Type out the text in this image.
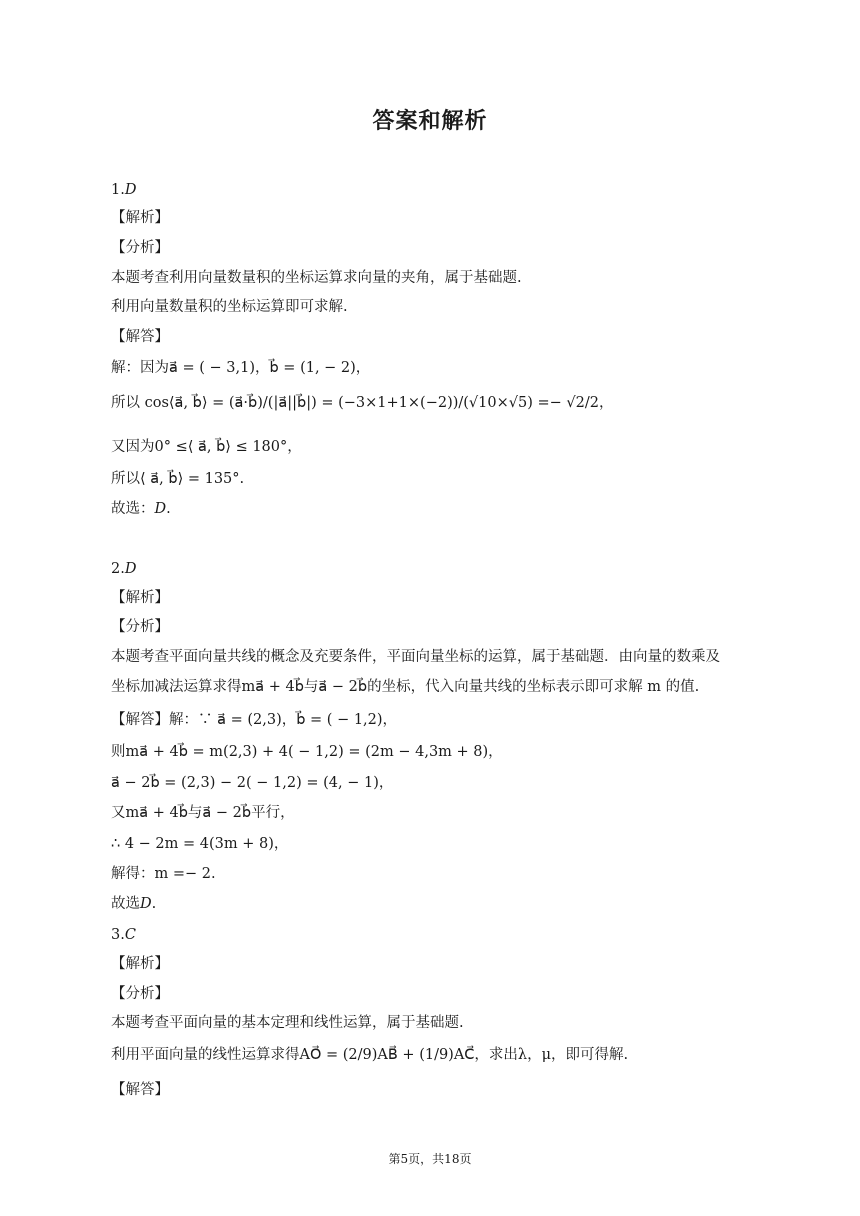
答案和解析
1.D
【解析】
【分析】
本题考查利用向量数量积的坐标运算求向量的夹角，属于基础题.
利用向量数量积的坐标运算即可求解.
【解答】
解：因为a⃗ = ( − 3,1)，b⃗ = (1, − 2)，
所以 cos⟨a⃗, b⃗⟩ = (a⃗·b⃗)/(|a⃗||b⃗|) = (−3×1+1×(−2))/(√10×√5) =− √2/2，
又因为0° ≤⟨ a⃗, b⃗⟩ ≤ 180°，
所以⟨ a⃗, b⃗⟩ = 135°.
故选：D.
2.D
【解析】
【分析】
本题考查平面向量共线的概念及充要条件，平面向量坐标的运算，属于基础题．由向量的数乘及
坐标加减法运算求得ma⃗ + 4b⃗与a⃗ − 2b⃗的坐标，代入向量共线的坐标表示即可求解 m 的值.
【解答】解：∵ a⃗ = (2,3)，b⃗ = ( − 1,2)，
则ma⃗ + 4b⃗ = m(2,3) + 4( − 1,2) = (2m − 4,3m + 8)，
a⃗ − 2b⃗ = (2,3) − 2( − 1,2) = (4, − 1)，
又ma⃗ + 4b⃗与a⃗ − 2b⃗平行，
∴ 4 − 2m = 4(3m + 8)，
解得：m =− 2.
故选D.
3.C
【解析】
【分析】
本题考查平面向量的基本定理和线性运算，属于基础题.
利用平面向量的线性运算求得AO⃗ = (2/9)AB⃗ + (1/9)AC⃗，求出λ，μ，即可得解.
【解答】
第5页，共18页
